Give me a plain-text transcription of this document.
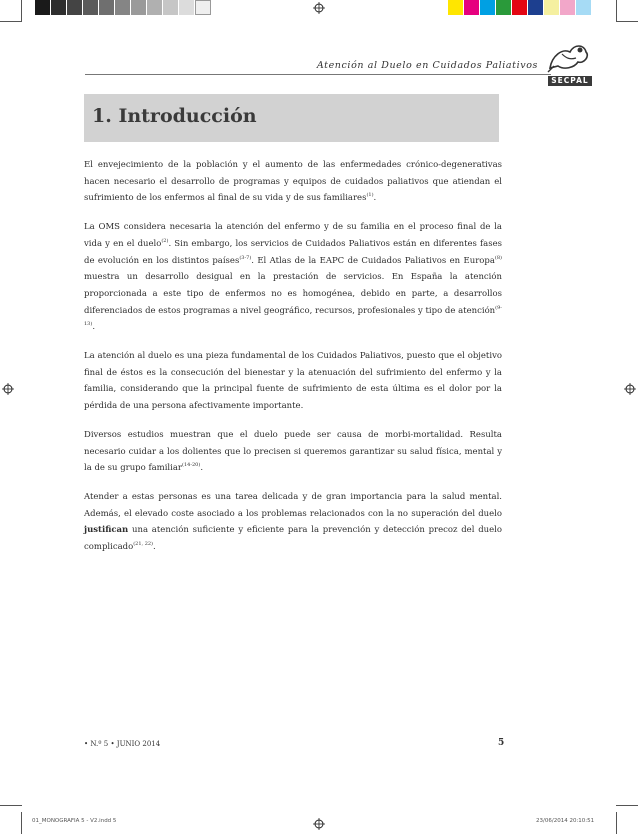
Atención al Duelo en Cuidados Paliativos
SECPAL
1. Introducción

El envejecimiento de la población y el aumento de las enfermedades crónico-degenerativas hacen necesario el desarrollo de programas y equipos de cuidados paliativos que atiendan el sufrimiento de los enfermos al final de su vida y de sus familiares$^{(1)}$.

La OMS considera necesaria la atención del enfermo y de su familia en el proceso final de la vida y en el duelo$^{(2)}$. Sin embargo, los servicios de Cuidados Paliativos están en diferentes fases de evolución en los distintos países$^{(3-7)}$. El Atlas de la EAPC de Cuidados Paliativos en Europa$^{(8)}$ muestra un desarrollo desigual en la prestación de servicios. En España la atención proporcionada a este tipo de enfermos no es homogénea, debido en parte, a desarrollos diferenciados de estos programas a nivel geográfico, recursos, profesionales y tipo de atención$^{(9-13)}$.

La atención al duelo es una pieza fundamental de los Cuidados Paliativos, puesto que el objetivo final de éstos es la consecución del bienestar y la atenuación del sufrimiento del enfermo y la familia, considerando que la principal fuente de sufrimiento de esta última es el dolor por la pérdida de una persona afectivamente importante.

Diversos estudios muestran que el duelo puede ser causa de morbi-mortalidad. Resulta necesario cuidar a los dolientes que lo precisen si queremos garantizar su salud física, mental y la de su grupo familiar$^{(14-20)}$.

Atender a estas personas es una tarea delicada y de gran importancia para la salud mental. Además, el elevado coste asociado a los problemas relacionados con la no superación del duelo justifican una atención suficiente y eficiente para la prevención y detección precoz del duelo complicado$^{(21, 22)}$.

• N.º 5 • JUNIO 2014	5
01_MONOGRAFIA 5 - V2.indd 5	23/06/2014 20:10:51
